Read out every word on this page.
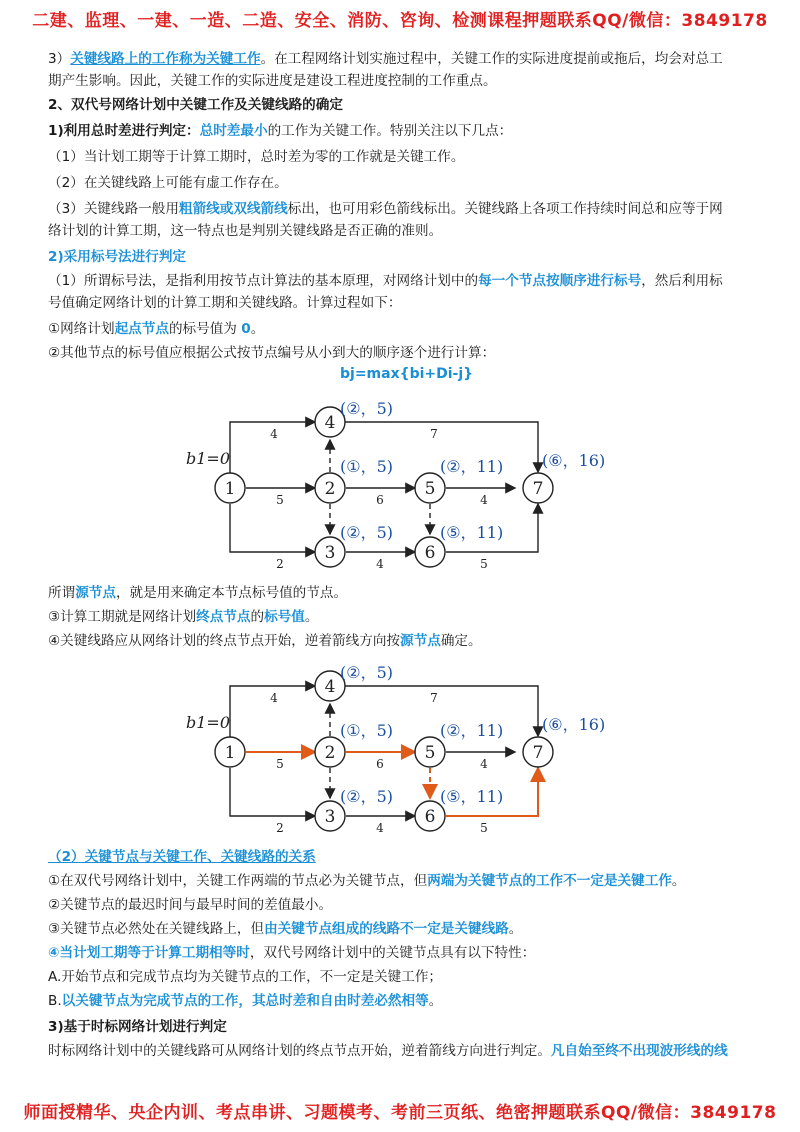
二建、监理、一建、一造、二造、安全、消防、咨询、检测课程押题联系QQ/微信：3849178
3）关键线路上的工作称为关键工作。在工程网络计划实施过程中，关键工作的实际进度提前或拖后，均会对总工
期产生影响。因此，关键工作的实际进度是建设工程进度控制的工作重点。
2、双代号网络计划中关键工作及关键线路的确定
1)利用总时差进行判定：总时差最小的工作为关键工作。特别关注以下几点：
（1）当计划工期等于计算工期时，总时差为零的工作就是关键工作。
（2）在关键线路上可能有虚工作存在。
（3）关键线路一般用粗箭线或双线箭线标出，也可用彩色箭线标出。关键线路上各项工作持续时间总和应等于网
络计划的计算工期，这一特点也是判别关键线路是否正确的准则。
2)采用标号法进行判定
（1）所谓标号法，是指利用按节点计算法的基本原理，对网络计划中的每一个节点按顺序进行标号，然后利用标
号值确定网络计划的计算工期和关键线路。计算过程如下：
①网络计划起点节点的标号值为 0。
②其他节点的标号值应根据公式按节点编号从小到大的顺序逐个进行计算：
bj=max{bi+Di-j}
1	2
3
4
5
6
7
b1=0
(②，5)
(①，5)	(②，11) (⑥，16)
(②，5)	(⑤，11)
4	7
5	6	4
2	4	5
所谓源节点，就是用来确定本节点标号值的节点。
③计算工期就是网络计划终点节点的标号值。
④关键线路应从网络计划的终点节点开始，逆着箭线方向按源节点确定。
1	2
3
4
5
6
7
b1=0
(②，5)
(①，5)	(②，11) (⑥，16)
(②，5)	(⑤，11)
4	7
5	6	4
2	4	5
（2）关键节点与关键工作、关键线路的关系
①在双代号网络计划中，关键工作两端的节点必为关键节点，但两端为关键节点的工作不一定是关键工作。
②关键节点的最迟时间与最早时间的差值最小。
③关键节点必然处在关键线路上，但由关键节点组成的线路不一定是关键线路。
④当计划工期等于计算工期相等时，双代号网络计划中的关键节点具有以下特性：
A.开始节点和完成节点均为关键节点的工作，不一定是关键工作；
B.以关键节点为完成节点的工作，其总时差和自由时差必然相等。
3)基于时标网络计划进行判定
时标网络计划中的关键线路可从网络计划的终点节点开始，逆着箭线方向进行判定。凡自始至终不出现波形线的线
师面授精华、央企内训、考点串讲、习题模考、考前三页纸、绝密押题联系QQ/微信：3849178
